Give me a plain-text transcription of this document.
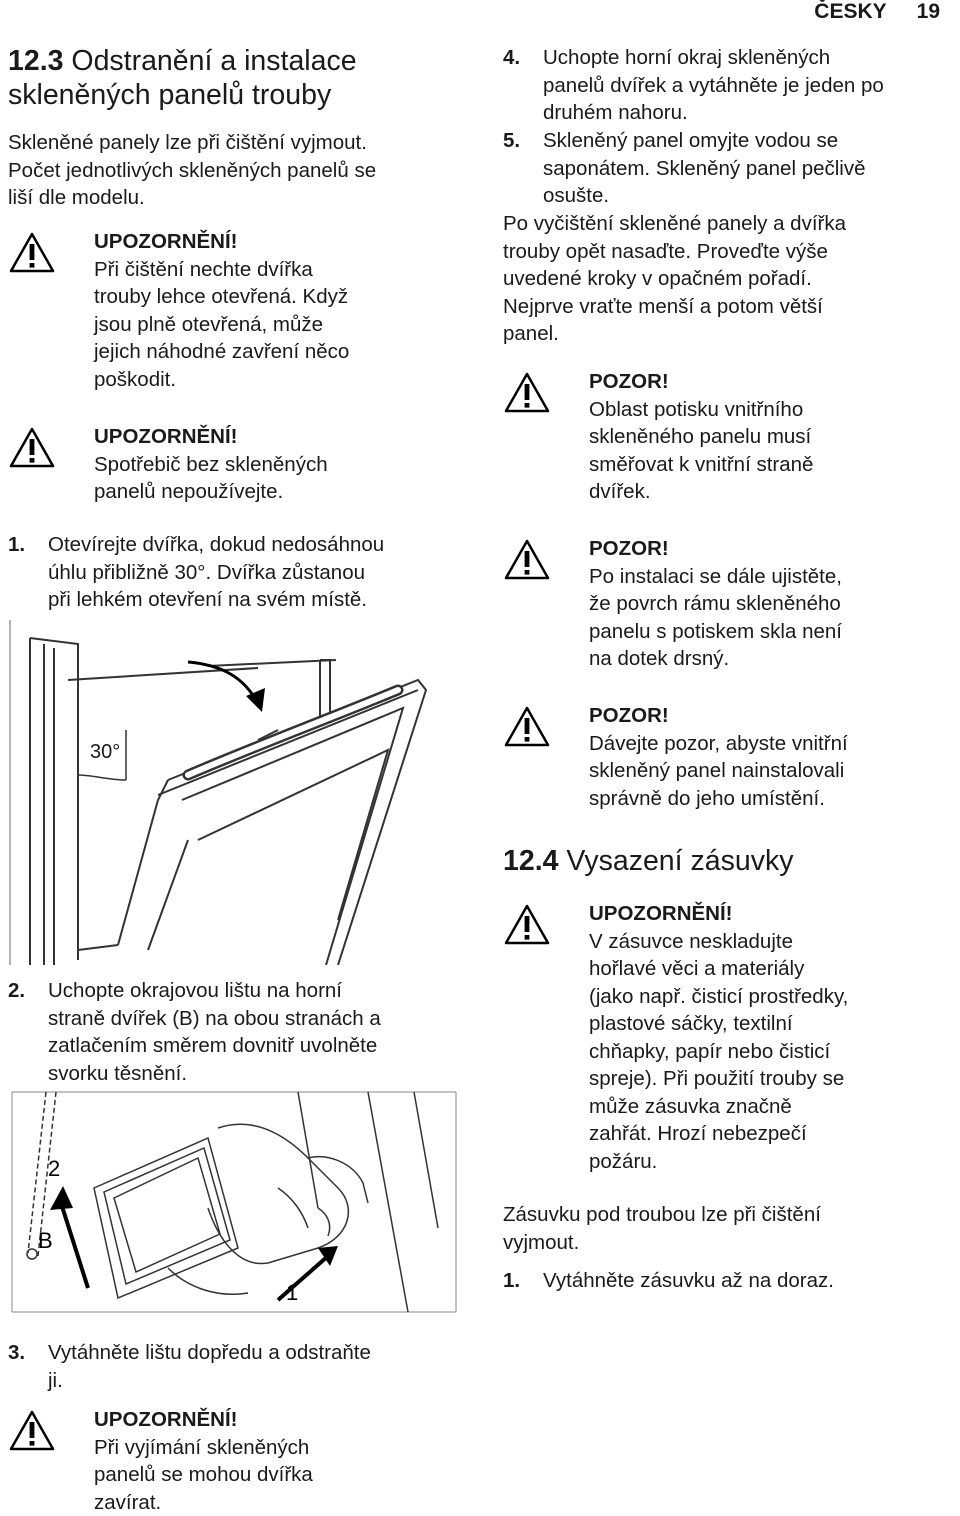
ČESKY 19
12.3 Odstranění a instalace
skleněných panelů trouby

Skleněné panely lze při čištění vyjmout.
Počet jednotlivých skleněných panelů se
liší dle modelu.

UPOZORNĚNÍ!
Při čištění nechte dvířka
trouby lehce otevřená. Když
jsou plně otevřená, může
jejich náhodné zavření něco
poškodit.
UPOZORNĚNÍ!
Spotřebič bez skleněných
panelů nepoužívejte.
1. Otevírejte dvířka, dokud nedosáhnou
úhlu přibližně 30°. Dvířka zůstanou
při lehkém otevření na svém místě.
30°
2. Uchopte okrajovou lištu na horní
straně dvířek (B) na obou stranách a
zatlačením směrem dovnitř uvolněte
svorku těsnění.
2
B
1
3. Vytáhněte lištu dopředu a odstraňte
ji.
UPOZORNĚNÍ!
Při vyjímání skleněných
panelů se mohou dvířka
zavírat.
4. Uchopte horní okraj skleněných
panelů dvířek a vytáhněte je jeden po
druhém nahoru.
5. Skleněný panel omyjte vodou se
saponátem. Skleněný panel pečlivě
osušte.

Po vyčištění skleněné panely a dvířka
trouby opět nasaďte. Proveďte výše
uvedené kroky v opačném pořadí.
Nejprve vraťte menší a potom větší
panel.

POZOR!
Oblast potisku vnitřního
skleněného panelu musí
směřovat k vnitřní straně
dvířek.
POZOR!
Po instalaci se dále ujistěte,
že povrch rámu skleněného
panelu s potiskem skla není
na dotek drsný.
POZOR!
Dávejte pozor, abyste vnitřní
skleněný panel nainstalovali
správně do jeho umístění.
12.4 Vysazení zásuvky
UPOZORNĚNÍ!
V zásuvce neskladujte
hořlavé věci a materiály
(jako např. čisticí prostředky,
plastové sáčky, textilní
chňapky, papír nebo čisticí
spreje). Při použití trouby se
může zásuvka značně
zahřát. Hrozí nebezpečí
požáru.

Zásuvku pod troubou lze při čištění
vyjmout.

1. Vytáhněte zásuvku až na doraz.
